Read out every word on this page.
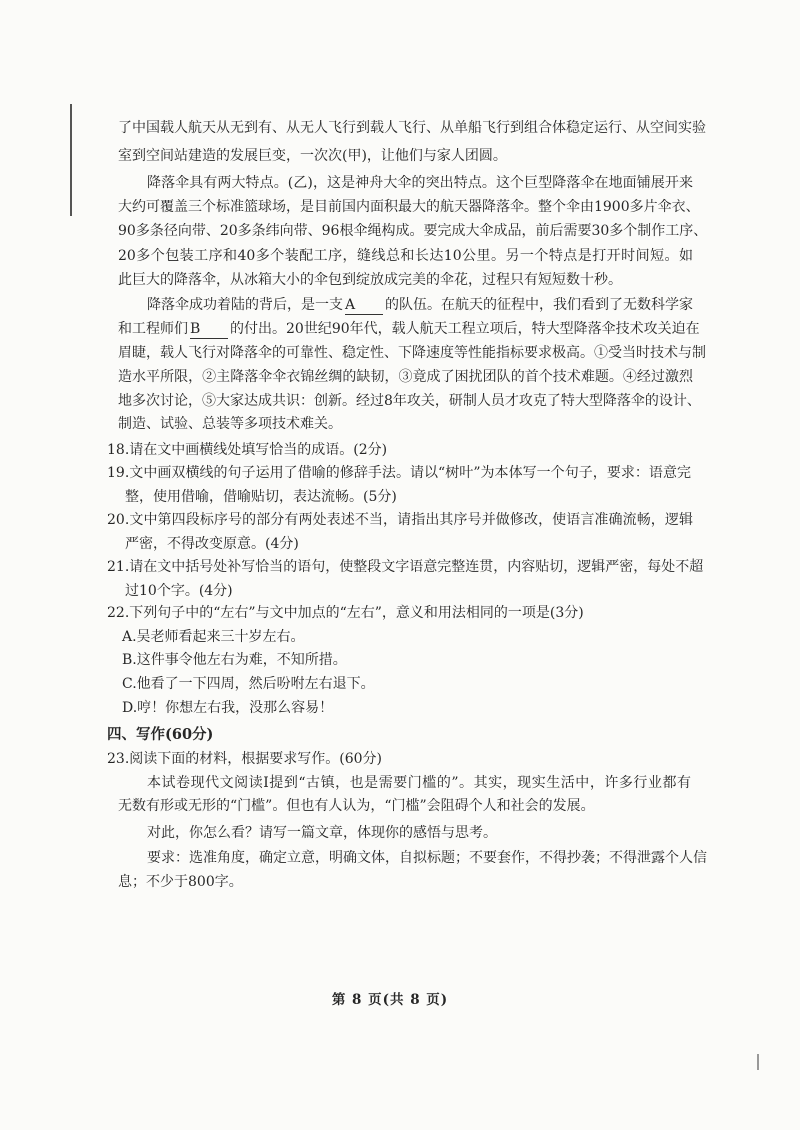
了中国载人航天从无到有、从无人飞行到载人飞行、从单船飞行到组合体稳定运行、从空间实验
室到空间站建造的发展巨变，一次次(甲)，让他们与家人团圆。
降落伞具有两大特点。(乙)，这是神舟大伞的突出特点。这个巨型降落伞在地面铺展开来
大约可覆盖三个标准篮球场，是目前国内面积最大的航天器降落伞。整个伞由1900多片伞衣、
90多条径向带、20多条纬向带、96根伞绳构成。要完成大伞成品，前后需要30多个制作工序、
20多个包装工序和40多个装配工序，缝线总和长达10公里。另一个特点是打开时间短。如
此巨大的降落伞，从冰箱大小的伞包到绽放成完美的伞花，过程只有短短数十秒。
降落伞成功着陆的背后，是一支 A 的队伍。在航天的征程中，我们看到了无数科学家
和工程师们 B 的付出。20世纪90年代，载人航天工程立项后，特大型降落伞技术攻关迫在
眉睫，载人飞行对降落伞的可靠性、稳定性、下降速度等性能指标要求极高。①受当时技术与制
造水平所限，②主降落伞伞衣锦丝绸的缺韧，③竟成了困扰团队的首个技术难题。④经过激烈
地多次讨论，⑤大家达成共识：创新。经过8年攻关，研制人员才攻克了特大型降落伞的设计、
制造、试验、总装等多项技术难关。
18.请在文中画横线处填写恰当的成语。(2分)
19.文中画双横线的句子运用了借喻的修辞手法。请以“树叶”为本体写一个句子，要求：语意完
整，使用借喻，借喻贴切，表达流畅。(5分)
20.文中第四段标序号的部分有两处表述不当，请指出其序号并做修改，使语言准确流畅，逻辑
严密，不得改变原意。(4分)
21.请在文中括号处补写恰当的语句，使整段文字语意完整连贯，内容贴切，逻辑严密，每处不超
过10个字。(4分)
22.下列句子中的“左右”与文中加点的“左右”，意义和用法相同的一项是(3分)
A.吴老师看起来三十岁左右。
B.这件事令他左右为难，不知所措。
C.他看了一下四周，然后吩咐左右退下。
D.哼！你想左右我，没那么容易！
四、写作(60分)
23.阅读下面的材料，根据要求写作。(60分)
本试卷现代文阅读Ⅰ提到“古镇，也是需要门槛的”。其实，现实生活中，许多行业都有
无数有形或无形的“门槛”。但也有人认为，“门槛”会阻碍个人和社会的发展。
对此，你怎么看？请写一篇文章，体现你的感悟与思考。
要求：选准角度，确定立意，明确文体，自拟标题；不要套作，不得抄袭；不得泄露个人信
息；不少于800字。
第 8 页(共 8 页)
